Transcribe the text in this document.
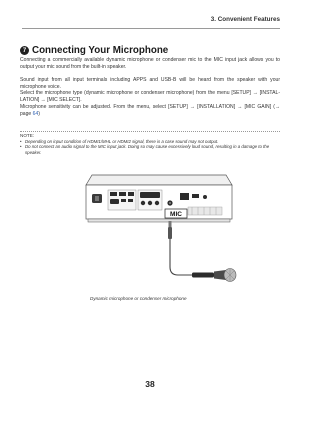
3. Convenient Features
7 Connecting Your Microphone

Connecting a commercially available dynamic microphone or condenser mic to the MIC input jack allows you to output your mic sound from the built-in speaker.

Sound input from all input terminals including APPS and USB-B will be heard from the speaker with your microphone voice.
Select the microphone type (dynamic microphone or condenser microphone) from the menu [SETUP] → [INSTAL-LATION] → [MIC SELECT].
Microphone sensitivity can be adjusted. From the menu, select [SETUP] → [INSTALLATION] → [MIC GAIN] (→ page 64)
NOTE:
• Depending on input condition of HDMI1/MHL or HDMI2 signal, there is a case sound may not output.
• Do not connect an audio signal to the MIC input jack. Doing so may cause excessively loud sound, resulting in a damage to the speaker.
MIC
Dynamic microphone or condenser microphone
38
